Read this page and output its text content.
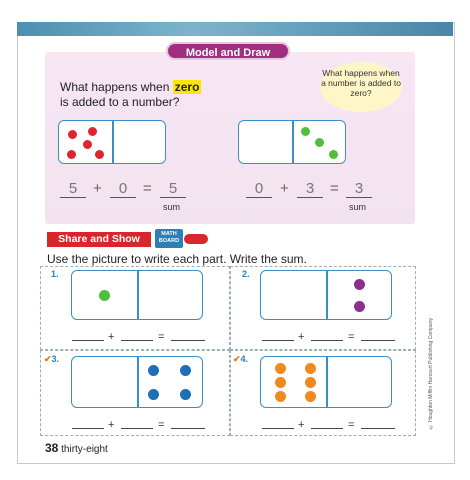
Model and Draw
What happens when zero
is added to a number?
What happens when a number is added to zero?
5	+	0	=	5
sum
0	+	3	=	3
sum
Share and Show	MATH
BOARD
Use the picture to write each part. Write the sum.
1.
+	=
2.
+	=
✔3.
+	=
✔4.
+	=	© Houghton Mifflin Harcourt Publishing Company
38 thirty-eight
